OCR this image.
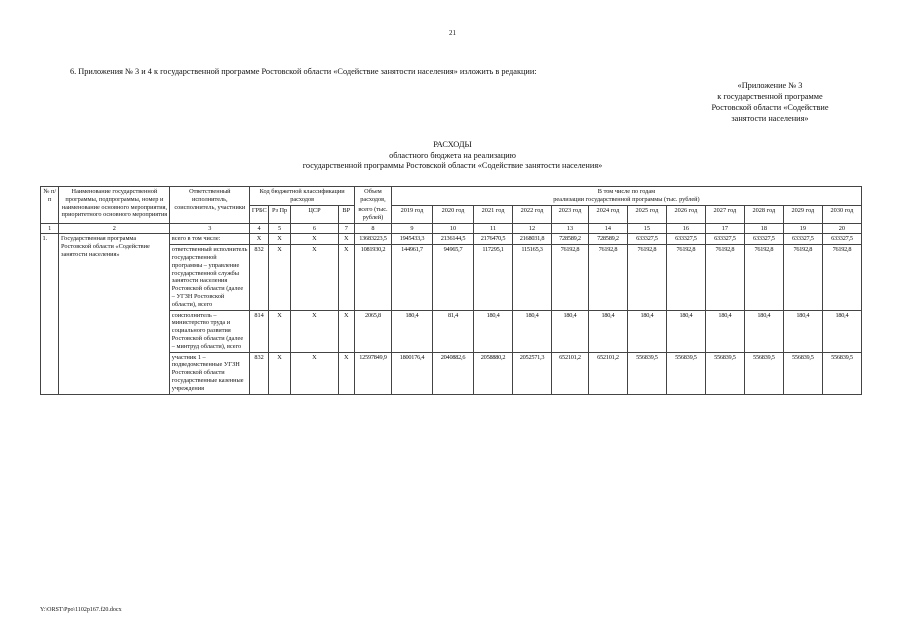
21
6. Приложения № 3 и 4 к государственной программе Ростовской области «Содействие занятости населения» изложить в редакции:
«Приложение № 3
к государственной программе
Ростовской области «Содействие
занятости населения»
РАСХОДЫ
областного бюджета на реализацию
государственной программы Ростовской области «Содействие занятости населения»
№ п/п	Наименование государственной программы, подпрограммы, номер и наименование основного мероприятия, приоритетного основного мероприятия	Ответственный исполнитель, соисполнитель, участники	Код бюджетной классификации расходов				Объем расходов,	В том числе по годам
реализации государственной программы (тыс. рублей)											

			ГРБС	Рз Пр	ЦСР	ВР	всего (тыс. рублей)	2019 год	2020 год	2021 год	2022 год	2023 год	2024 год	2025 год	2026 год	2027 год	2028 год	2029 год	2030 год
1	2	3	4	5	6	7	8	9	10	11	12	13	14	15	16	17	18	19	20
1.	Государственная программа Ростовской области «Содействие занятости населения»	всего в том числе:	Х	Х	Х	Х	13683223,5	1945433,3	2136144,5	2176470,5	2168031,8	728589,2	728589,2	633327,5	633327,5	633327,5	633327,5	633327,5	633327,5
		ответственный исполнитель государственной программы – управление государственной службы занятости населения Ростовской области (далее – УГЗН Ростовской области), всего	832	Х	Х	Х	1081930,2	144961,7	94965,7	117295,1	115165,3	76192,8	76192,8	76192,8	76192,8	76192,8	76192,8	76192,8	76192,8
		соисполнитель – министерство труда и социального развития Ростовской области (далее – минтруд области), всего	814	Х	Х	Х	2065,8	180,4	81,4	180,4	180,4	180,4	180,4	180,4	180,4	180,4	180,4	180,4	180,4
		участник 1 – подведомственные УГЗН Ростовской области государственные казенные учреждения	832	Х	Х	Х	12597849,9	1800176,4	2040882,6	2058880,2	2052571,3	652101,2	652101,2	556839,5	556839,5	556839,5	556839,5	556839,5	556839,5
Y:\ORST\Ppo\1102p167.f20.docx
